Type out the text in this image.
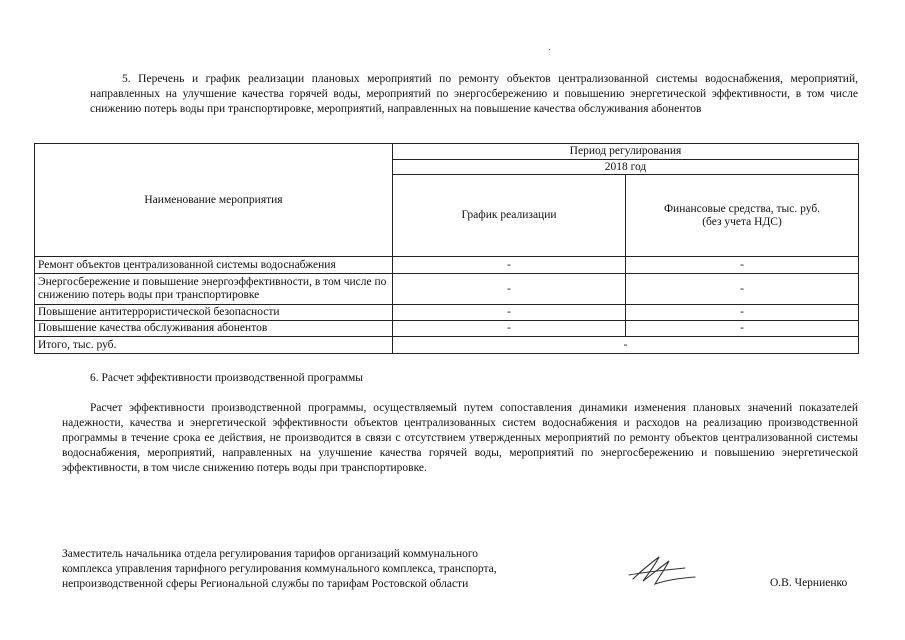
5. Перечень и график реализации плановых мероприятий по ремонту объектов централизованной системы водоснабжения, мероприятий, направленных на улучшение качества горячей воды, мероприятий по энергосбережению и повышению энергетической эффективности, в том числе снижению потерь воды при транспортировке, мероприятий, направленных на повышение качества обслуживания абонентов

Наименование мероприятия	Период регулирования	
	2018 год	
	График реализации	Финансовые средства, тыс. руб.
(без учета НДС)

Ремонт объектов централизованной системы водоснабжения	-	-
Энергосбережение и повышение энергоэффективности, в том числе по снижению потерь воды при транспортировке	-	-
Повышение антитеррористической безопасности	-	-
Повышение качества обслуживания абонентов	-	-
Итого, тыс. руб.	-	
6. Расчет эффективности производственной программы

Расчет эффективности производственной программы, осуществляемый путем сопоставления динамики изменения плановых значений показателей надежности, качества и энергетической эффективности объектов централизованных систем водоснабжения и расходов на реализацию производственной программы в течение срока ее действия, не производится в связи с отсутствием утвержденных мероприятий по ремонту объектов централизованной системы водоснабжения, мероприятий, направленных на улучшение качества горячей воды, мероприятий по энергосбережению и повышению энергетической эффективности, в том числе снижению потерь воды при транспортировке.

Заместитель начальника отдела регулирования тарифов организаций коммунального
комплекса управления тарифного регулирования коммунального комплекса, транспорта,
непроизводственной сферы Региональной службы по тарифам Ростовской области	О.В. Черниенко
